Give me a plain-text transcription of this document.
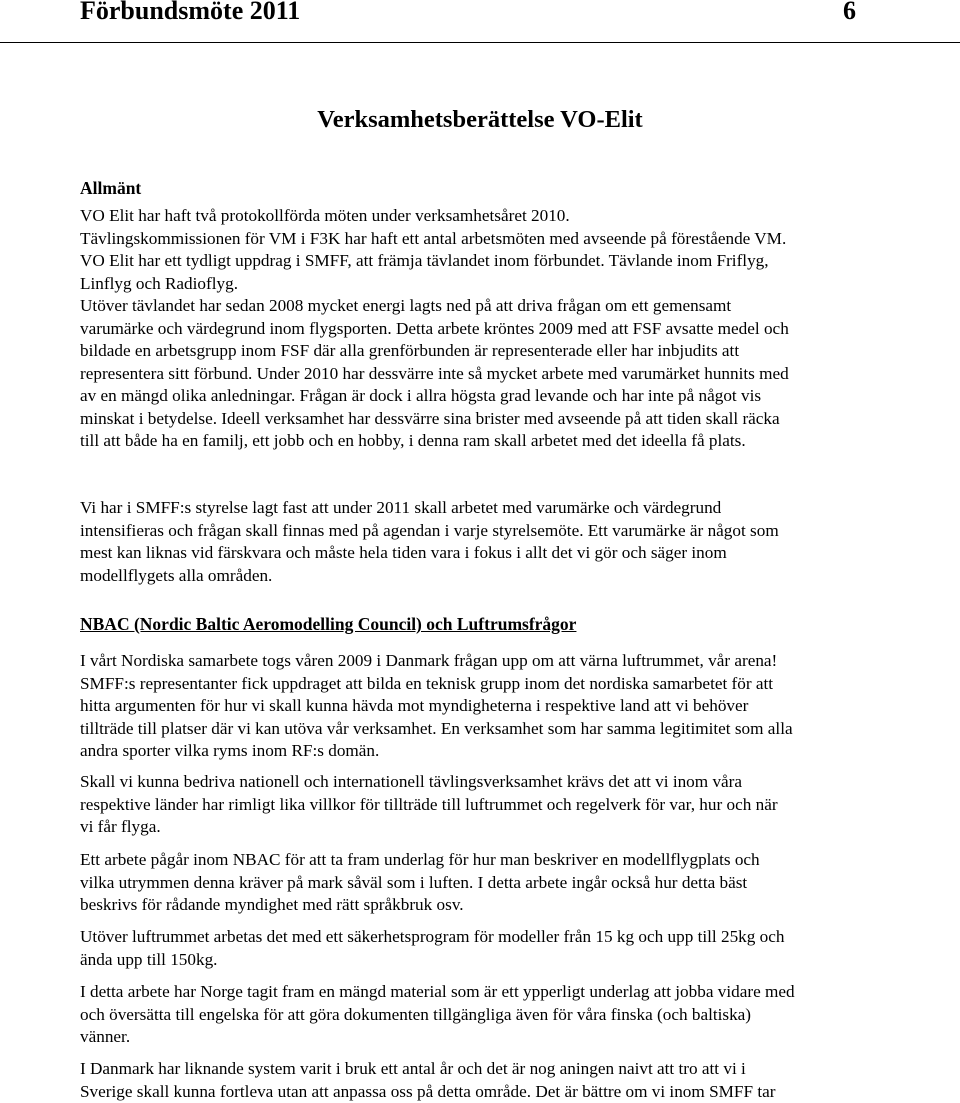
Förbundsmöte 2011	6
Verksamhetsberättelse VO-Elit
Allmänt
VO Elit har haft två protokollförda möten under verksamhetsåret 2010.
Tävlingskommissionen för VM i F3K har haft ett antal arbetsmöten med avseende på förestående VM.
VO Elit har ett tydligt uppdrag i SMFF, att främja tävlandet inom förbundet. Tävlande inom Friflyg,
Linflyg och Radioflyg.
Utöver tävlandet har sedan 2008 mycket energi lagts ned på att driva frågan om ett gemensamt
varumärke och värdegrund inom flygsporten. Detta arbete kröntes 2009 med att FSF avsatte medel och
bildade en arbetsgrupp inom FSF där alla grenförbunden är representerade eller har inbjudits att
representera sitt förbund. Under 2010 har dessvärre inte så mycket arbete med varumärket hunnits med
av en mängd olika anledningar. Frågan är dock i allra högsta grad levande och har inte på något vis
minskat i betydelse. Ideell verksamhet har dessvärre sina brister med avseende på att tiden skall räcka
till att både ha en familj, ett jobb och en hobby, i denna ram skall arbetet med det ideella få plats.
Vi har i SMFF:s styrelse lagt fast att under 2011 skall arbetet med varumärke och värdegrund
intensifieras och frågan skall finnas med på agendan i varje styrelsemöte. Ett varumärke är något som
mest kan liknas vid färskvara och måste hela tiden vara i fokus i allt det vi gör och säger inom
modellflygets alla områden.
NBAC (Nordic Baltic Aeromodelling Council) och Luftrumsfrågor
I vårt Nordiska samarbete togs våren 2009 i Danmark frågan upp om att värna luftrummet, vår arena!
SMFF:s representanter fick uppdraget att bilda en teknisk grupp inom det nordiska samarbetet för att
hitta argumenten för hur vi skall kunna hävda mot myndigheterna i respektive land att vi behöver
tillträde till platser där vi kan utöva vår verksamhet. En verksamhet som har samma legitimitet som alla
andra sporter vilka ryms inom RF:s domän.
Skall vi kunna bedriva nationell och internationell tävlingsverksamhet krävs det att vi inom våra
respektive länder har rimligt lika villkor för tillträde till luftrummet och regelverk för var, hur och när
vi får flyga.
Ett arbete pågår inom NBAC för att ta fram underlag för hur man beskriver en modellflygplats och
vilka utrymmen denna kräver på mark såväl som i luften. I detta arbete ingår också hur detta bäst
beskrivs för rådande myndighet med rätt språkbruk osv.
Utöver luftrummet arbetas det med ett säkerhetsprogram för modeller från 15 kg och upp till 25kg och
ända upp till 150kg.
I detta arbete har Norge tagit fram en mängd material som är ett ypperligt underlag att jobba vidare med
och översätta till engelska för att göra dokumenten tillgängliga även för våra finska (och baltiska)
vänner.
I Danmark har liknande system varit i bruk ett antal år och det är nog aningen naivt att tro att vi i
Sverige skall kunna fortleva utan att anpassa oss på detta område. Det är bättre om vi inom SMFF tar
